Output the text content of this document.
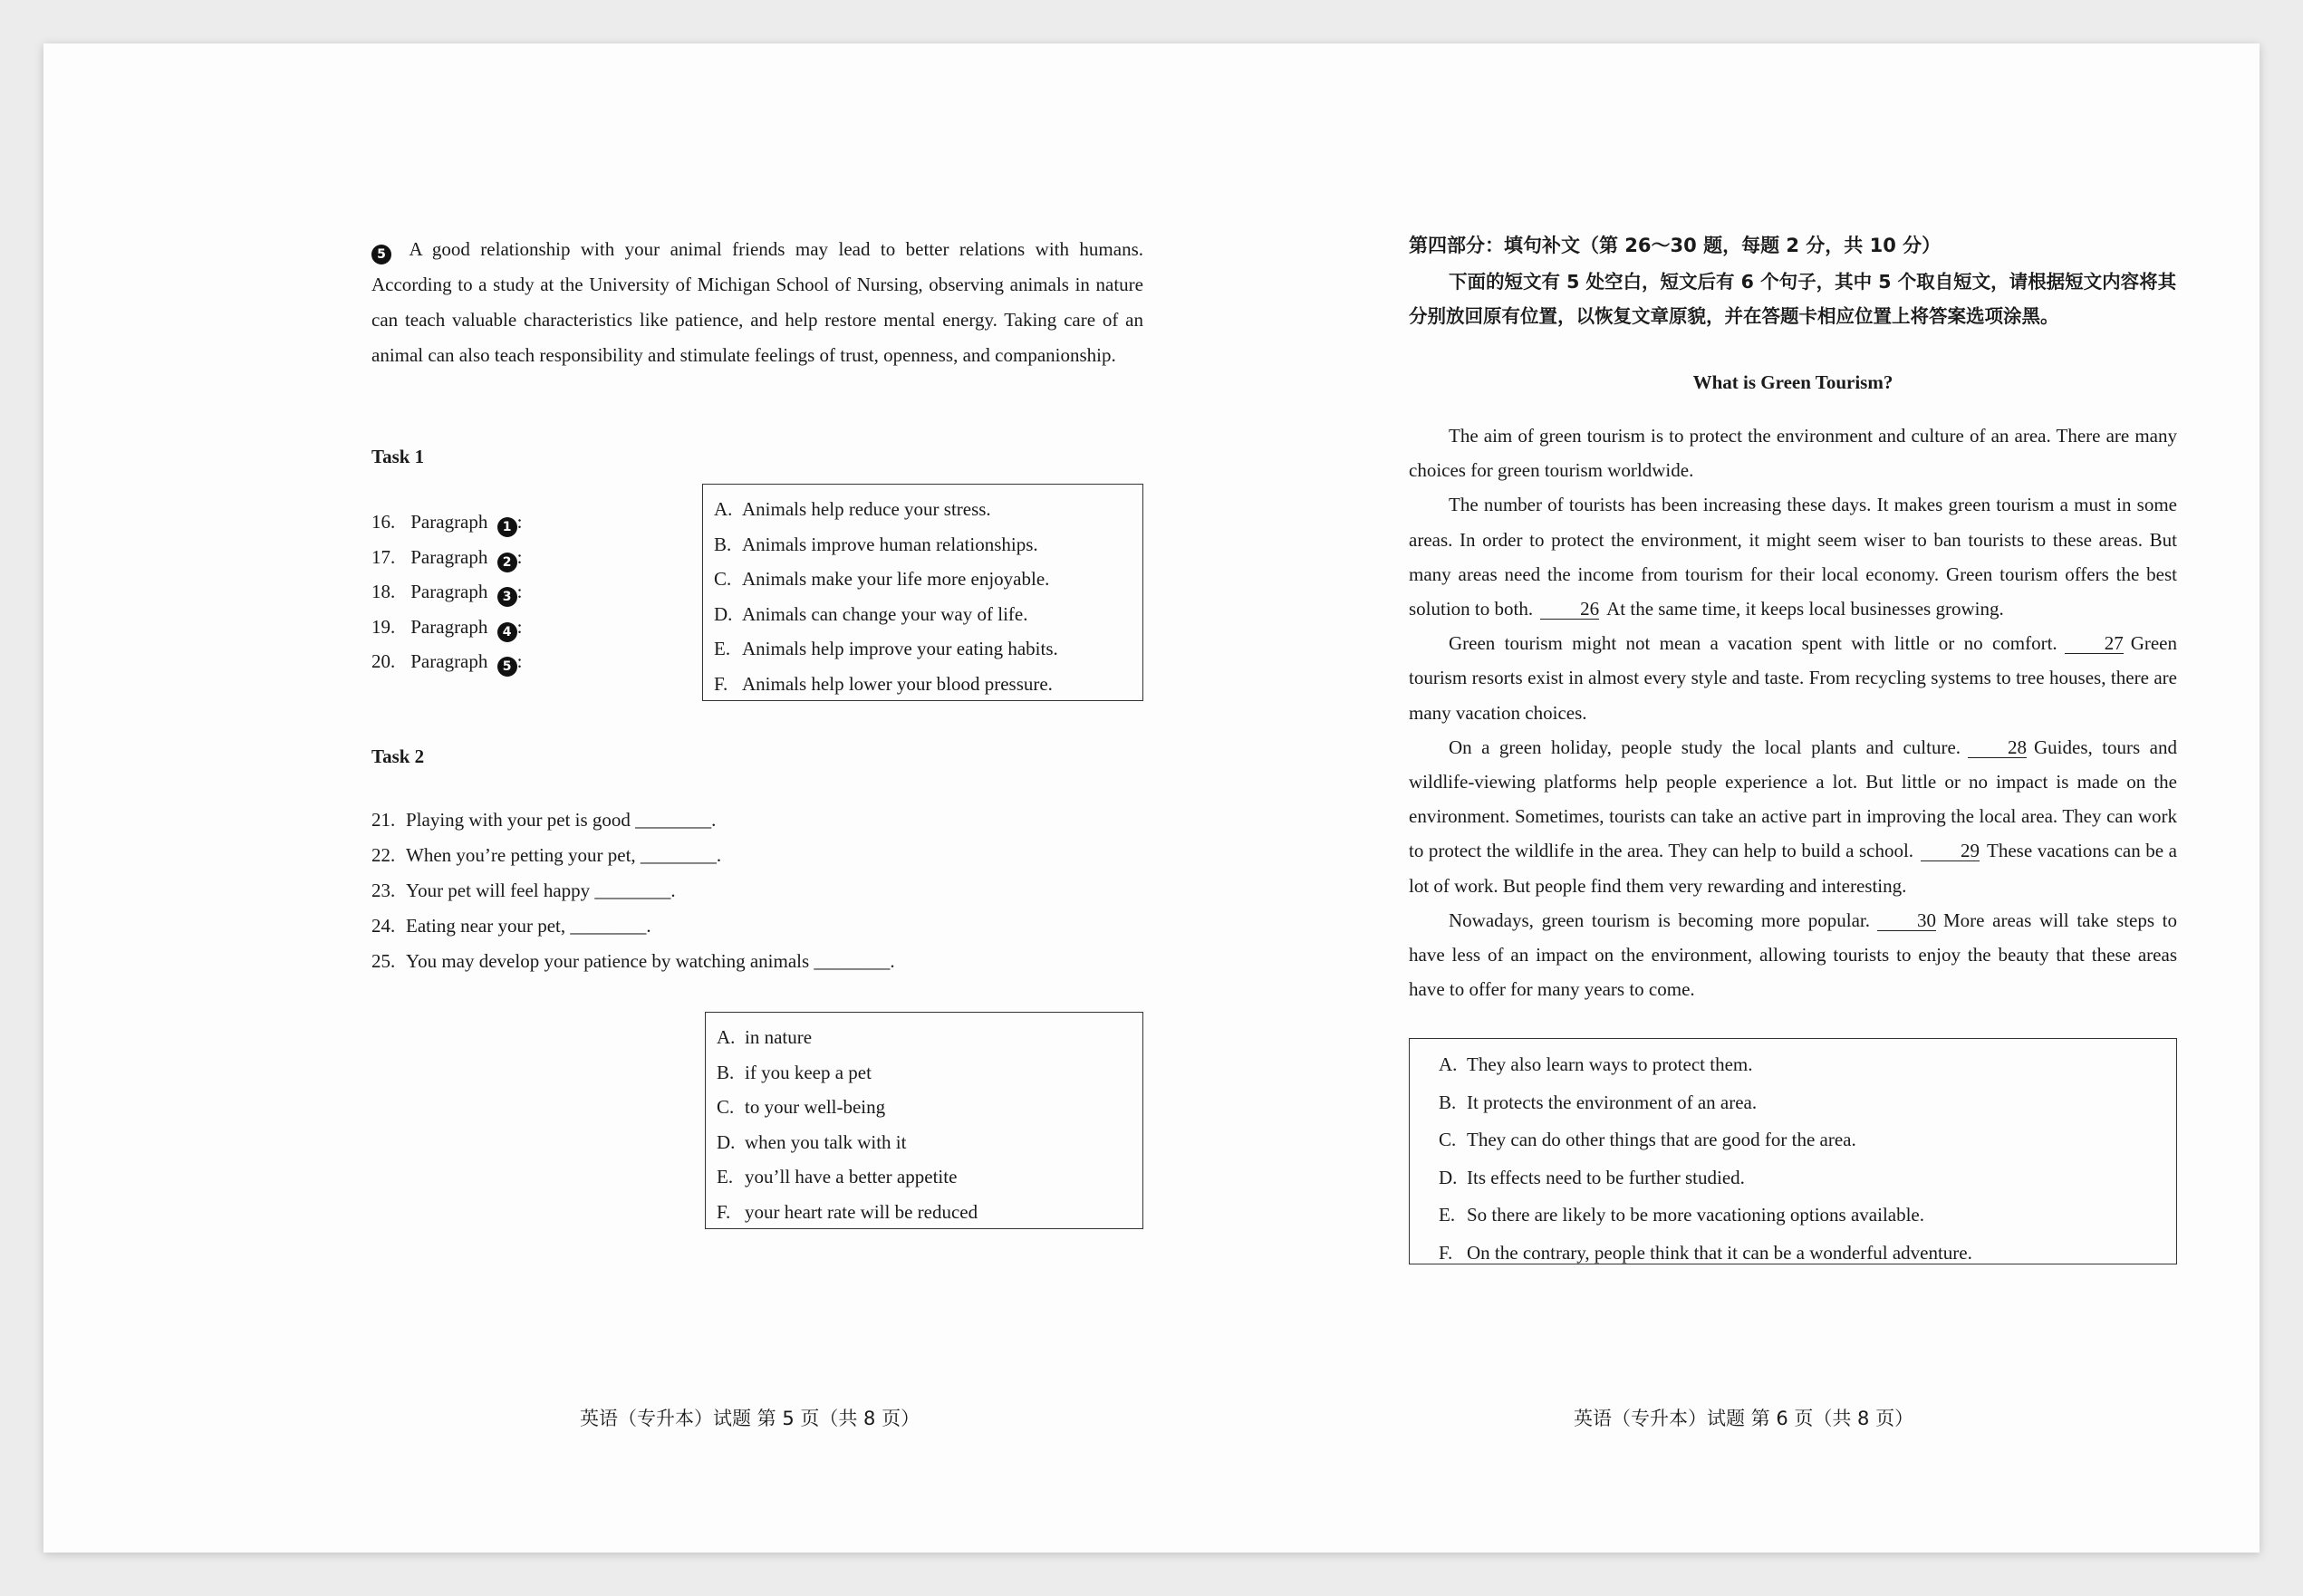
5 A good relationship with your animal friends may lead to better relations with humans. According to a study at the University of Michigan School of Nursing, observing animals in nature can teach valuable characteristics like patience, and help restore mental energy. Taking care of an animal can also teach responsibility and stimulate feelings of trust, openness, and companionship.
Task 1
16. Paragraph 1 :
17. Paragraph 2 :
18. Paragraph 3 :
19. Paragraph 4 :
20. Paragraph 5 :
A. Animals help reduce your stress.
B. Animals improve human relationships.
C. Animals make your life more enjoyable.
D. Animals can change your way of life.
E. Animals help improve your eating habits.
F. Animals help lower your blood pressure.
Task 2
21. Playing with your pet is good ________.
22. When you’re petting your pet, ________.
23. Your pet will feel happy ________.
24. Eating near your pet, ________.
25. You may develop your patience by watching animals ________.
A. in nature
B. if you keep a pet
C. to your well-being
D. when you talk with it
E. you’ll have a better appetite
F. your heart rate will be reduced
英语（专升本）试题 第 5 页（共 8 页）
第四部分：填句补文（第 26～30 题，每题 2 分，共 10 分）
下面的短文有 5 处空白，短文后有 6 个句子，其中 5 个取自短文，请根据短文内容将其分别放回原有位置，以恢复文章原貌，并在答题卡相应位置上将答案选项涂黑。
What is Green Tourism?

The aim of green tourism is to protect the environment and culture of an area. There are many choices for green tourism worldwide.

The number of tourists has been increasing these days. It makes green tourism a must in some areas. In order to protect the environment, it might seem wiser to ban tourists to these areas. But many areas need the income from tourism for their local economy. Green tourism offers the best solution to both. 26 At the same time, it keeps local businesses growing.

Green tourism might not mean a vacation spent with little or no comfort. 27 Green tourism resorts exist in almost every style and taste. From recycling systems to tree houses, there are many vacation choices.

On a green holiday, people study the local plants and culture. 28 Guides, tours and wildlife-viewing platforms help people experience a lot. But little or no impact is made on the environment. Sometimes, tourists can take an active part in improving the local area. They can work to protect the wildlife in the area. They can help to build a school. 29 These vacations can be a lot of work. But people find them very rewarding and interesting.

Nowadays, green tourism is becoming more popular. 30 More areas will take steps to have less of an impact on the environment, allowing tourists to enjoy the beauty that these areas have to offer for many years to come.

A. They also learn ways to protect them.
B. It protects the environment of an area.
C. They can do other things that are good for the area.
D. Its effects need to be further studied.
E. So there are likely to be more vacationing options available.
F. On the contrary, people think that it can be a wonderful adventure.
英语（专升本）试题 第 6 页（共 8 页）
